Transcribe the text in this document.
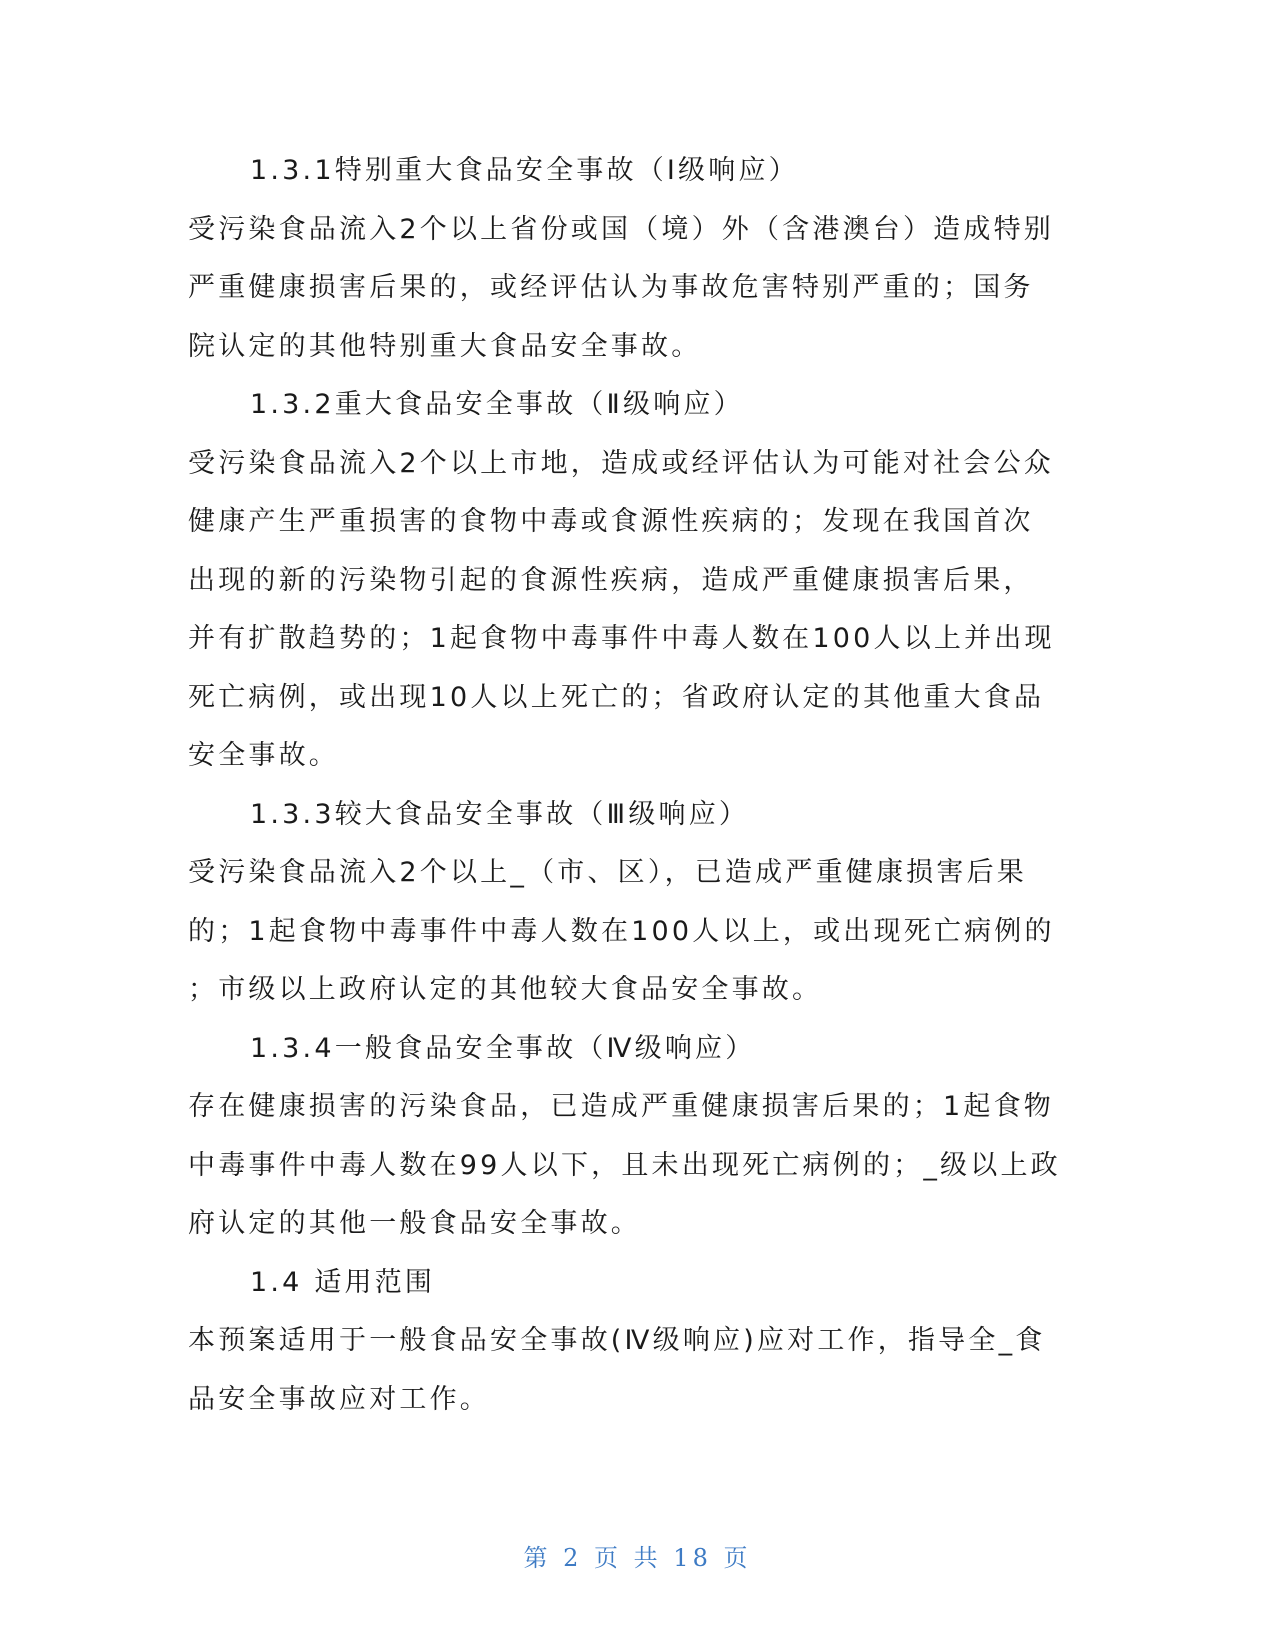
1.3.1特别重大食品安全事故（Ⅰ级响应）
受污染食品流入2个以上省份或国（境）外（含港澳台）造成特别
严重健康损害后果的，或经评估认为事故危害特别严重的；国务
院认定的其他特别重大食品安全事故。
1.3.2重大食品安全事故（Ⅱ级响应）
受污染食品流入2个以上市地，造成或经评估认为可能对社会公众
健康产生严重损害的食物中毒或食源性疾病的；发现在我国首次
出现的新的污染物引起的食源性疾病，造成严重健康损害后果，
并有扩散趋势的；1起食物中毒事件中毒人数在100人以上并出现
死亡病例，或出现10人以上死亡的；省政府认定的其他重大食品
安全事故。
1.3.3较大食品安全事故（Ⅲ级响应）
受污染食品流入2个以上_（市、区），已造成严重健康损害后果
的；1起食物中毒事件中毒人数在100人以上，或出现死亡病例的
；市级以上政府认定的其他较大食品安全事故。
1.3.4一般食品安全事故（Ⅳ级响应）
存在健康损害的污染食品，已造成严重健康损害后果的；1起食物
中毒事件中毒人数在99人以下，且未出现死亡病例的；_级以上政
府认定的其他一般食品安全事故。
1.4 适用范围
本预案适用于一般食品安全事故(Ⅳ级响应)应对工作，指导全_食
品安全事故应对工作。
第 2 页 共 18 页
